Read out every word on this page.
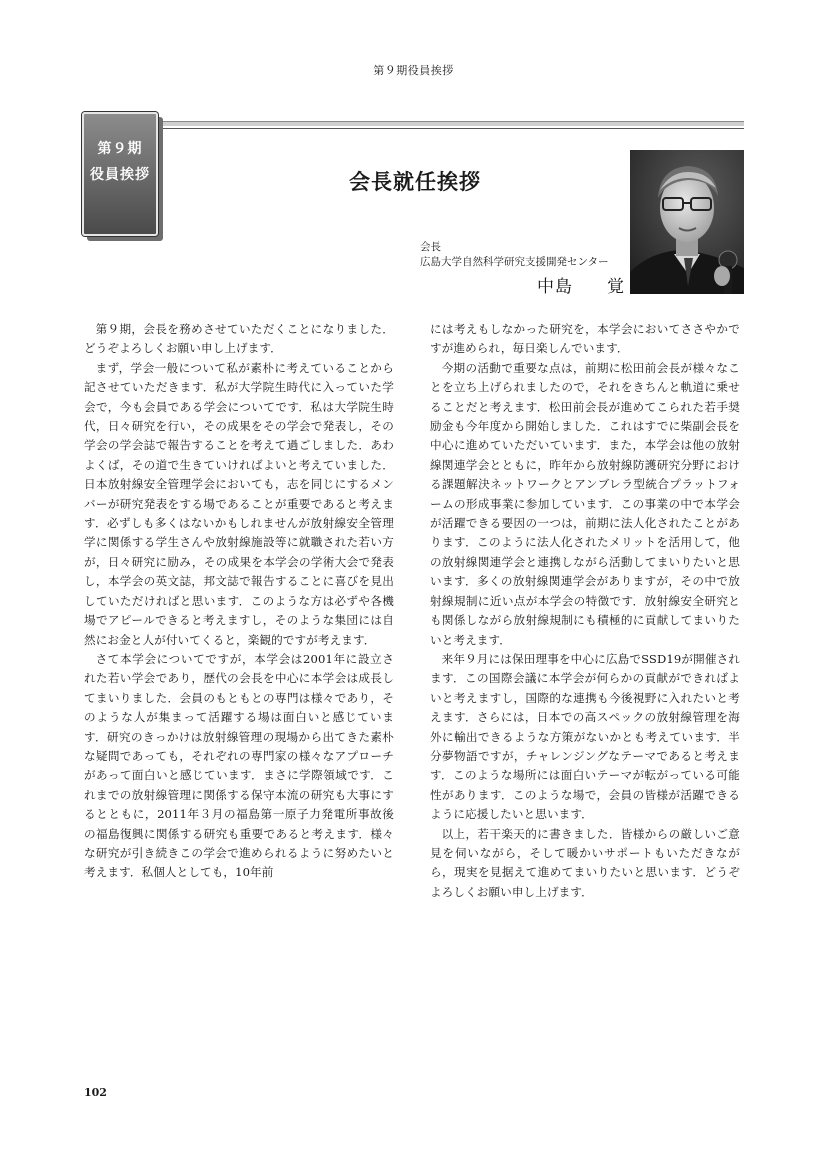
第９期役員挨拶
第９期
役員挨拶	会長就任挨拶
会長
広島大学自然科学研究支援開発センター
中島 覚

第９期，会長を務めさせていただくことになりました．どうぞよろしくお願い申し上げます．

まず，学会一般について私が素朴に考えていることから記させていただきます．私が大学院生時代に入っていた学会で，今も会員である学会についてです．私は大学院生時代，日々研究を行い，その成果をその学会で発表し，その学会の学会誌で報告することを考えて過ごしました．あわよくば，その道で生きていければよいと考えていました．日本放射線安全管理学会においても，志を同じにするメンバーが研究発表をする場であることが重要であると考えます．必ずしも多くはないかもしれませんが放射線安全管理学に関係する学生さんや放射線施設等に就職された若い方が，日々研究に励み，その成果を本学会の学術大会で発表し，本学会の英文誌，邦文誌で報告することに喜びを見出していただければと思います．このような方は必ずや各機場でアピールできると考えますし，そのような集団には自然にお金と人が付いてくると，楽観的ですが考えます．

さて本学会についてですが，本学会は2001年に設立された若い学会であり，歴代の会長を中心に本学会は成長してまいりました．会員のもともとの専門は様々であり，そのような人が集まって活躍する場は面白いと感じています．研究のきっかけは放射線管理の現場から出てきた素朴な疑問であっても，それぞれの専門家の様々なアプローチがあって面白いと感じています．まさに学際領域です．これまでの放射線管理に関係する保守本流の研究も大事にするとともに，2011年３月の福島第一原子力発電所事故後の福島復興に関係する研究も重要であると考えます．様々な研究が引き続きこの学会で進められるように努めたいと考えます．私個人としても，10年前

には考えもしなかった研究を，本学会においてささやかですが進められ，毎日楽しんでいます．

今期の活動で重要な点は，前期に松田前会長が様々なことを立ち上げられましたので，それをきちんと軌道に乗せることだと考えます．松田前会長が進めてこられた若手奨励金も今年度から開始しました．これはすでに柴副会長を中心に進めていただいています．また，本学会は他の放射線関連学会とともに，昨年から放射線防護研究分野における課題解決ネットワークとアンブレラ型統合プラットフォームの形成事業に参加しています．この事業の中で本学会が活躍できる要因の一つは，前期に法人化されたことがあります．このように法人化されたメリットを活用して，他の放射線関連学会と連携しながら活動してまいりたいと思います．多くの放射線関連学会がありますが，その中で放射線規制に近い点が本学会の特徴です．放射線安全研究とも関係しながら放射線規制にも積極的に貢献してまいりたいと考えます．

来年９月には保田理事を中心に広島でSSD19が開催されます．この国際会議に本学会が何らかの貢献ができればよいと考えますし，国際的な連携も今後視野に入れたいと考えます．さらには，日本での高スペックの放射線管理を海外に輸出できるような方策がないかとも考えています．半分夢物語ですが，チャレンジングなテーマであると考えます．このような場所には面白いテーマが転がっている可能性があります．このような場で，会員の皆様が活躍できるように応援したいと思います．

以上，若干楽天的に書きました．皆様からの厳しいご意見を伺いながら，そして暖かいサポートもいただきながら，現実を見据えて進めてまいりたいと思います．どうぞよろしくお願い申し上げます．

102
